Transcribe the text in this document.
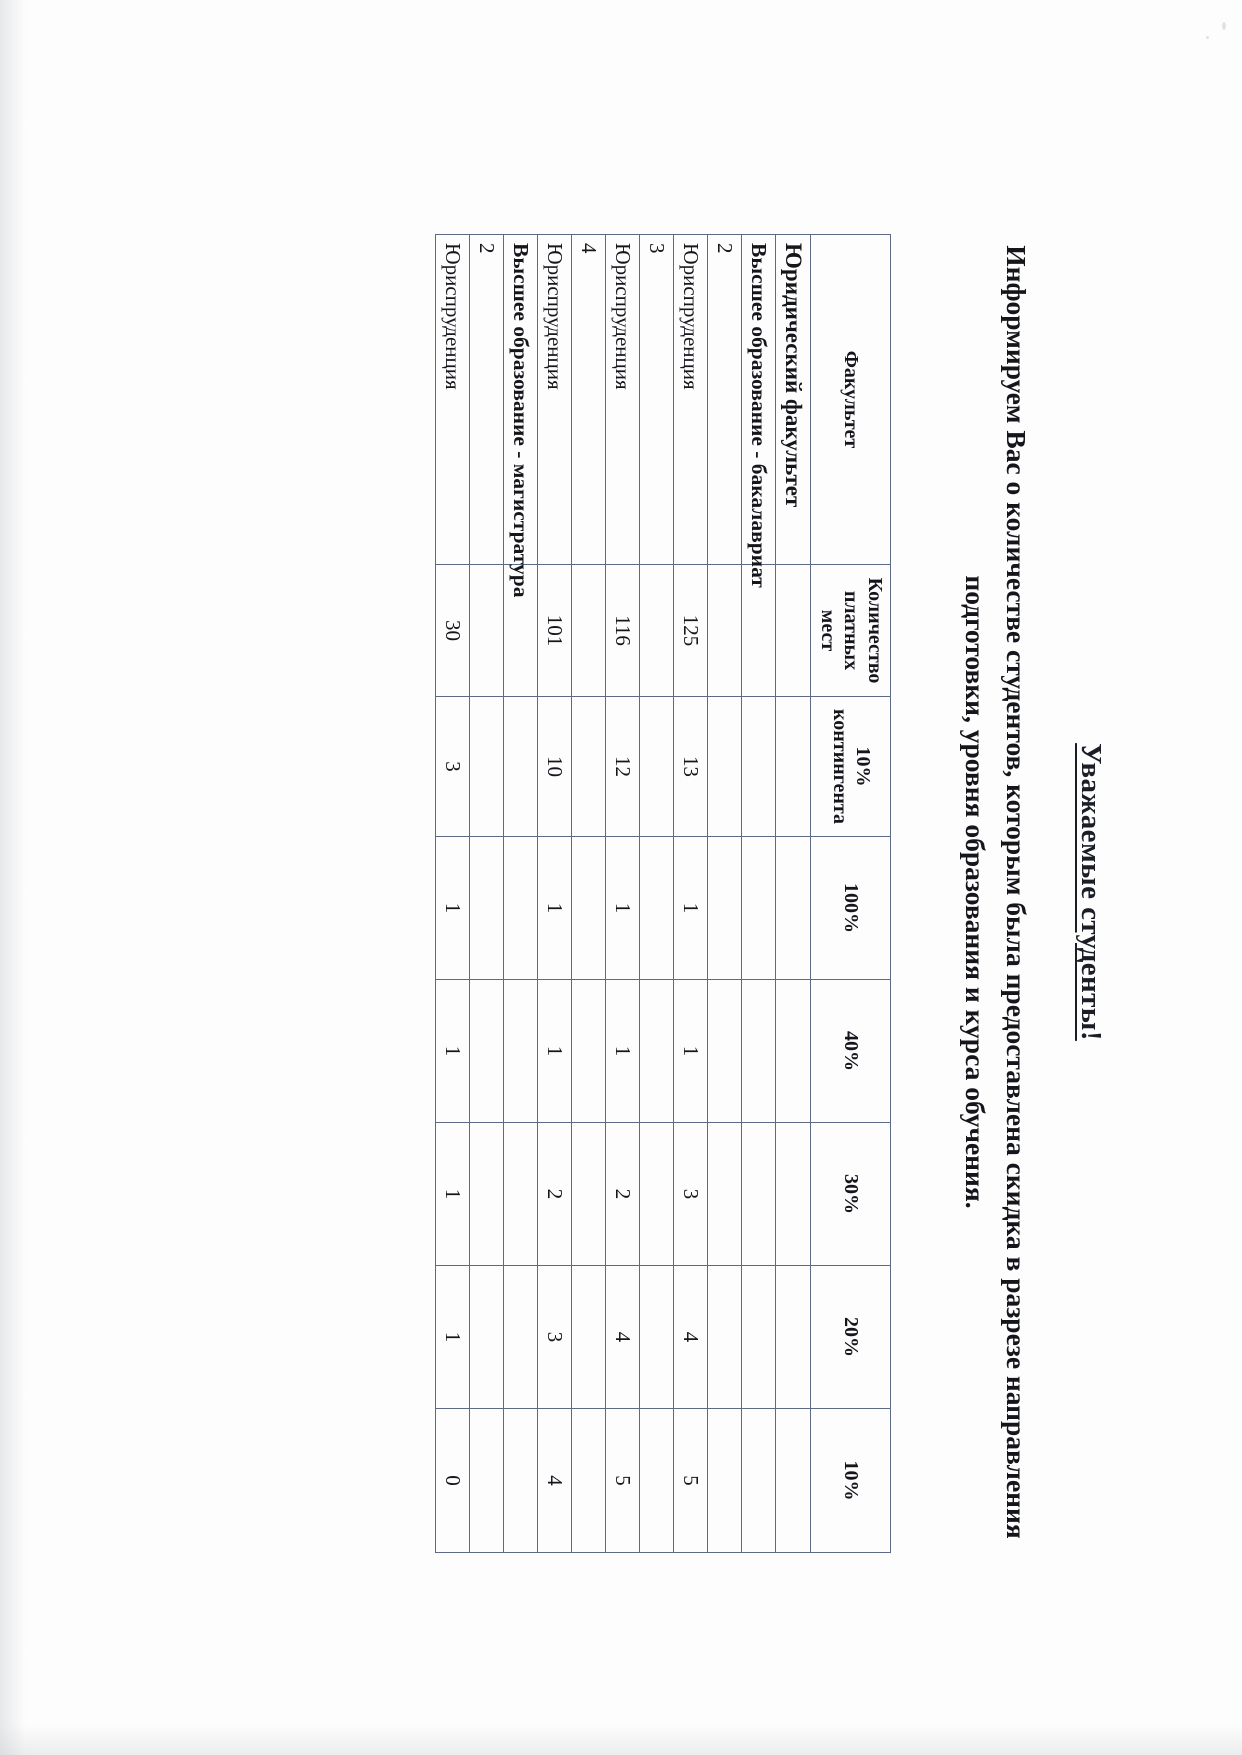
Уважаемые студенты!
Информируем Вас о количестве студентов, которым была предоставлена скидка в разрезе направления подготовки, уровня образования и курса обучения.
Факультет	Количество платных мест	10% контингента	100%	40%	30%	20%	10%
Юридический факультет							
Высшее образование - бакалавриат							
2							
Юриспруденция	125	13	1	1	3	4	5
3							
Юриспруденция	116	12	1	1	2	4	5
4							
Юриспруденция	101	10	1	1	2	3	4
Высшее образование - магистратура							
2							
Юриспруденция	30	3	1	1	1	1	0
